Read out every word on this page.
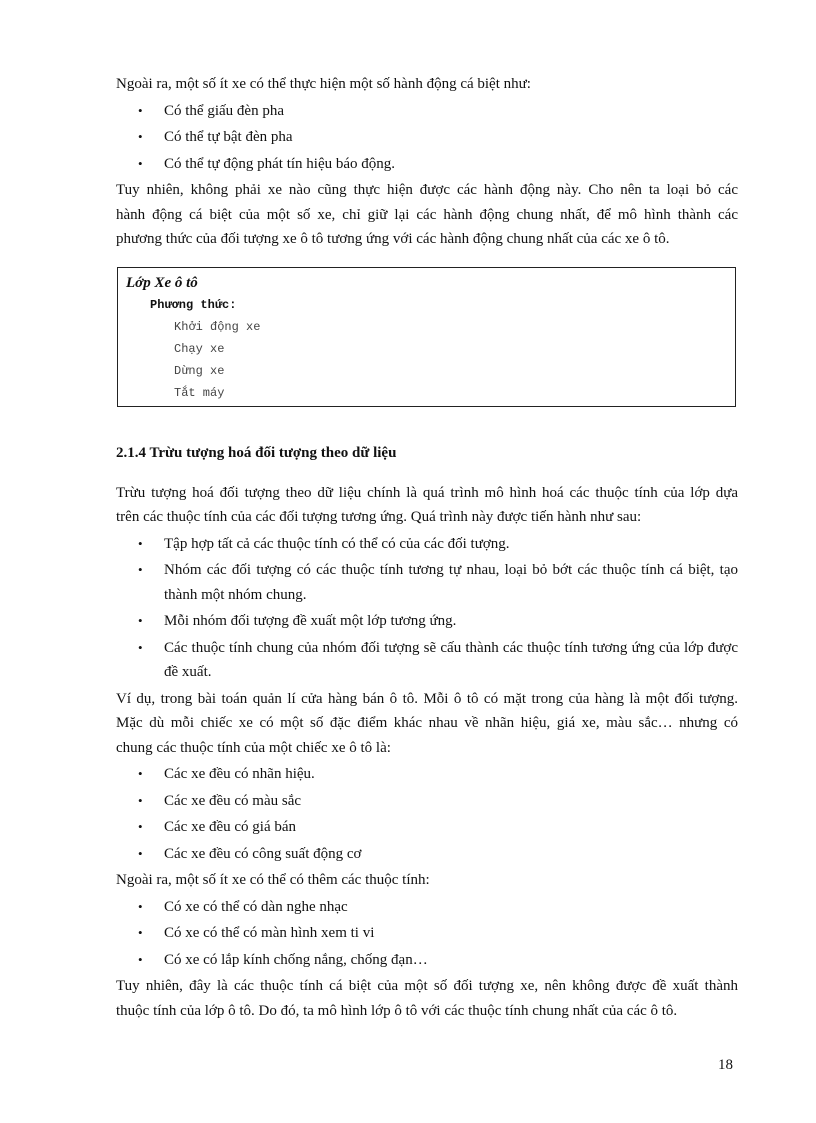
Ngoài ra, một số ít xe có thể thực hiện một số hành động cá biệt như:

• Có thể giấu đèn pha
• Có thể tự bật đèn pha
• Có thể tự động phát tín hiệu báo động.

Tuy nhiên, không phải xe nào cũng thực hiện được các hành động này. Cho nên ta loại bỏ các

hành động cá biệt của một số xe, chỉ giữ lại các hành động chung nhất, để mô hình thành các

phương thức của đối tượng xe ô tô tương ứng với các hành động chung nhất của các xe ô tô.

Lớp Xe ô tô
Phương thức:
Khởi động xe
Chạy xe
Dừng xe
Tắt máy
2.1.4 Trừu tượng hoá đối tượng theo dữ liệu

Trừu tượng hoá đối tượng theo dữ liệu chính là quá trình mô hình hoá các thuộc tính của lớp dựa

trên các thuộc tính của các đối tượng tương ứng. Quá trình này được tiến hành như sau:

• Tập hợp tất cả các thuộc tính có thể có của các đối tượng.
• Nhóm các đối tượng có các thuộc tính tương tự nhau, loại bỏ bớt các thuộc tính cá biệt, tạo thành một nhóm chung.
• Mỗi nhóm đối tượng đề xuất một lớp tương ứng.
• Các thuộc tính chung của nhóm đối tượng sẽ cấu thành các thuộc tính tương ứng của lớp được đề xuất.

Ví dụ, trong bài toán quản lí cửa hàng bán ô tô. Mỗi ô tô có mặt trong của hàng là một đối tượng.

Mặc dù mỗi chiếc xe có một số đặc điểm khác nhau về nhãn hiệu, giá xe, màu sắc… nhưng có

chung các thuộc tính của một chiếc xe ô tô là:

• Các xe đều có nhãn hiệu.
• Các xe đều có màu sắc
• Các xe đều có giá bán
• Các xe đều có công suất động cơ

Ngoài ra, một số ít xe có thể có thêm các thuộc tính:

• Có xe có thể có dàn nghe nhạc
• Có xe có thể có màn hình xem ti vi
• Có xe có lắp kính chống nắng, chống đạn…

Tuy nhiên, đây là các thuộc tính cá biệt của một số đối tượng xe, nên không được đề xuất thành

thuộc tính của lớp ô tô. Do đó, ta mô hình lớp ô tô với các thuộc tính chung nhất của các ô tô.

18
